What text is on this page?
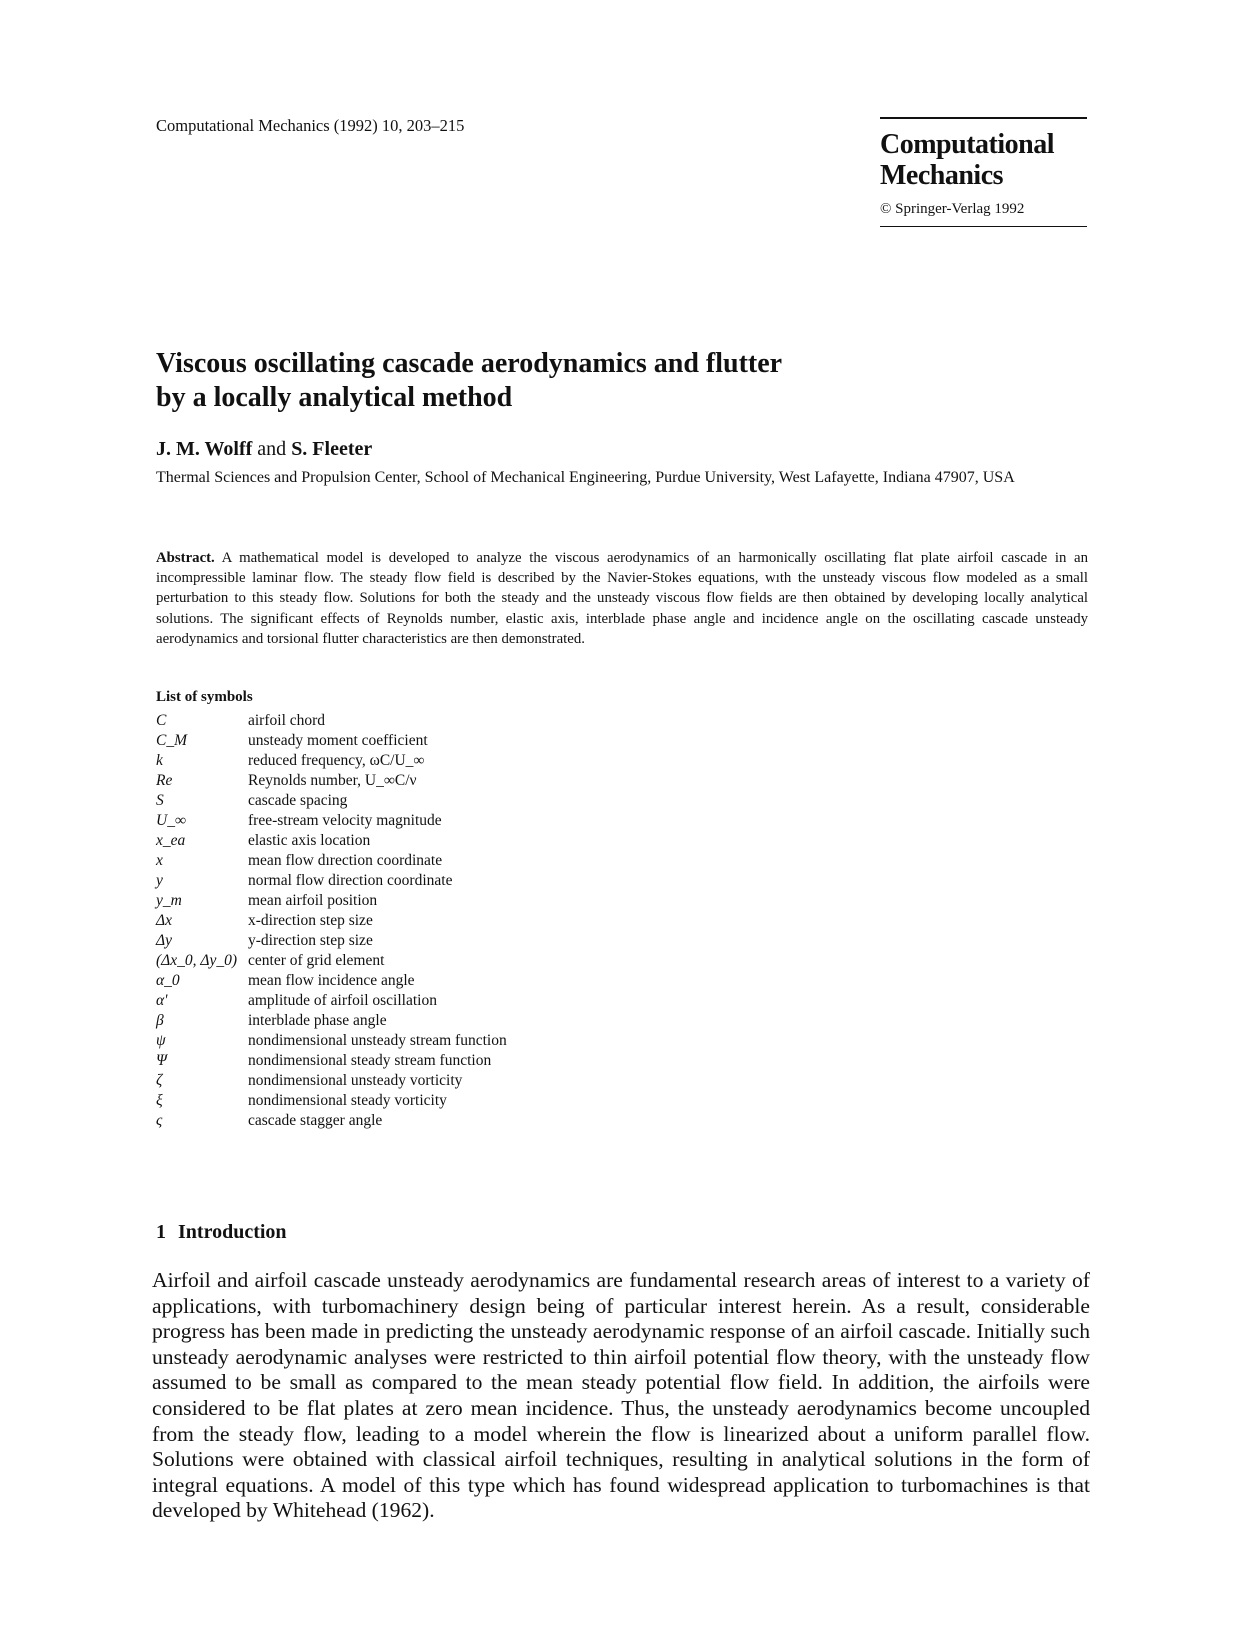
Computational Mechanics (1992) 10, 203–215
Computational
Mechanics
© Springer-Verlag 1992
Viscous oscillating cascade aerodynamics and flutter
by a locally analytical method
J. M. Wolff and S. Fleeter
Thermal Sciences and Propulsion Center, School of Mechanical Engineering, Purdue University, West Lafayette, Indiana 47907, USA

Abstract. A mathematical model is developed to analyze the viscous aerodynamics of an harmonically oscillating flat plate airfoil cascade in an incompressible laminar flow. The steady flow field is described by the Navier-Stokes equations, wıth the unsteady viscous flow modeled as a small perturbation to this steady flow. Solutions for both the steady and the unsteady viscous flow fields are then obtained by developing locally analytical solutions. The significant effects of Reynolds number, elastic axis, interblade phase angle and incidence angle on the oscillating cascade unsteady aerodynamics and torsional flutter characteristics are then demonstrated.

List of symbols
C	airfoil chord
C_M	unsteady moment coefficient
k	reduced frequency, ωC/U_∞
Re	Reynolds number, U_∞C/ν
S	cascade spacing
U_∞	free-stream velocity magnitude
x_ea	elastic axis location
x	mean flow dırection coordinate
y	normal flow direction coordinate
y_m	mean airfoil position
Δx	x-direction step size
Δy	y-direction step size
(Δx_0, Δy_0)	center of grid element
α_0	mean flow incidence angle
α'	amplitude of airfoil oscillation
β	interblade phase angle
ψ	nondimensional unsteady stream function
Ψ	nondimensional steady stream function
ζ	nondimensional unsteady vorticity
ξ	nondimensional steady vorticity
ς	cascade stagger angle
1 Introduction

Airfoil and airfoil cascade unsteady aerodynamics are fundamental research areas of interest to a variety of applications, with turbomachinery design being of particular interest herein. As a result, considerable progress has been made in predicting the unsteady aerodynamic response of an airfoil cascade. Initially such unsteady aerodynamic analyses were restricted to thin airfoil potential flow theory, with the unsteady flow assumed to be small as compared to the mean steady potential flow field. In addition, the airfoils were considered to be flat plates at zero mean incidence. Thus, the unsteady aerodynamics become uncoupled from the steady flow, leading to a model wherein the flow is linearized about a uniform parallel flow. Solutions were obtained with classical airfoil techniques, resulting in analytical solutions in the form of integral equations. A model of this type which has found widespread application to turbomachines is that developed by Whitehead (1962).
